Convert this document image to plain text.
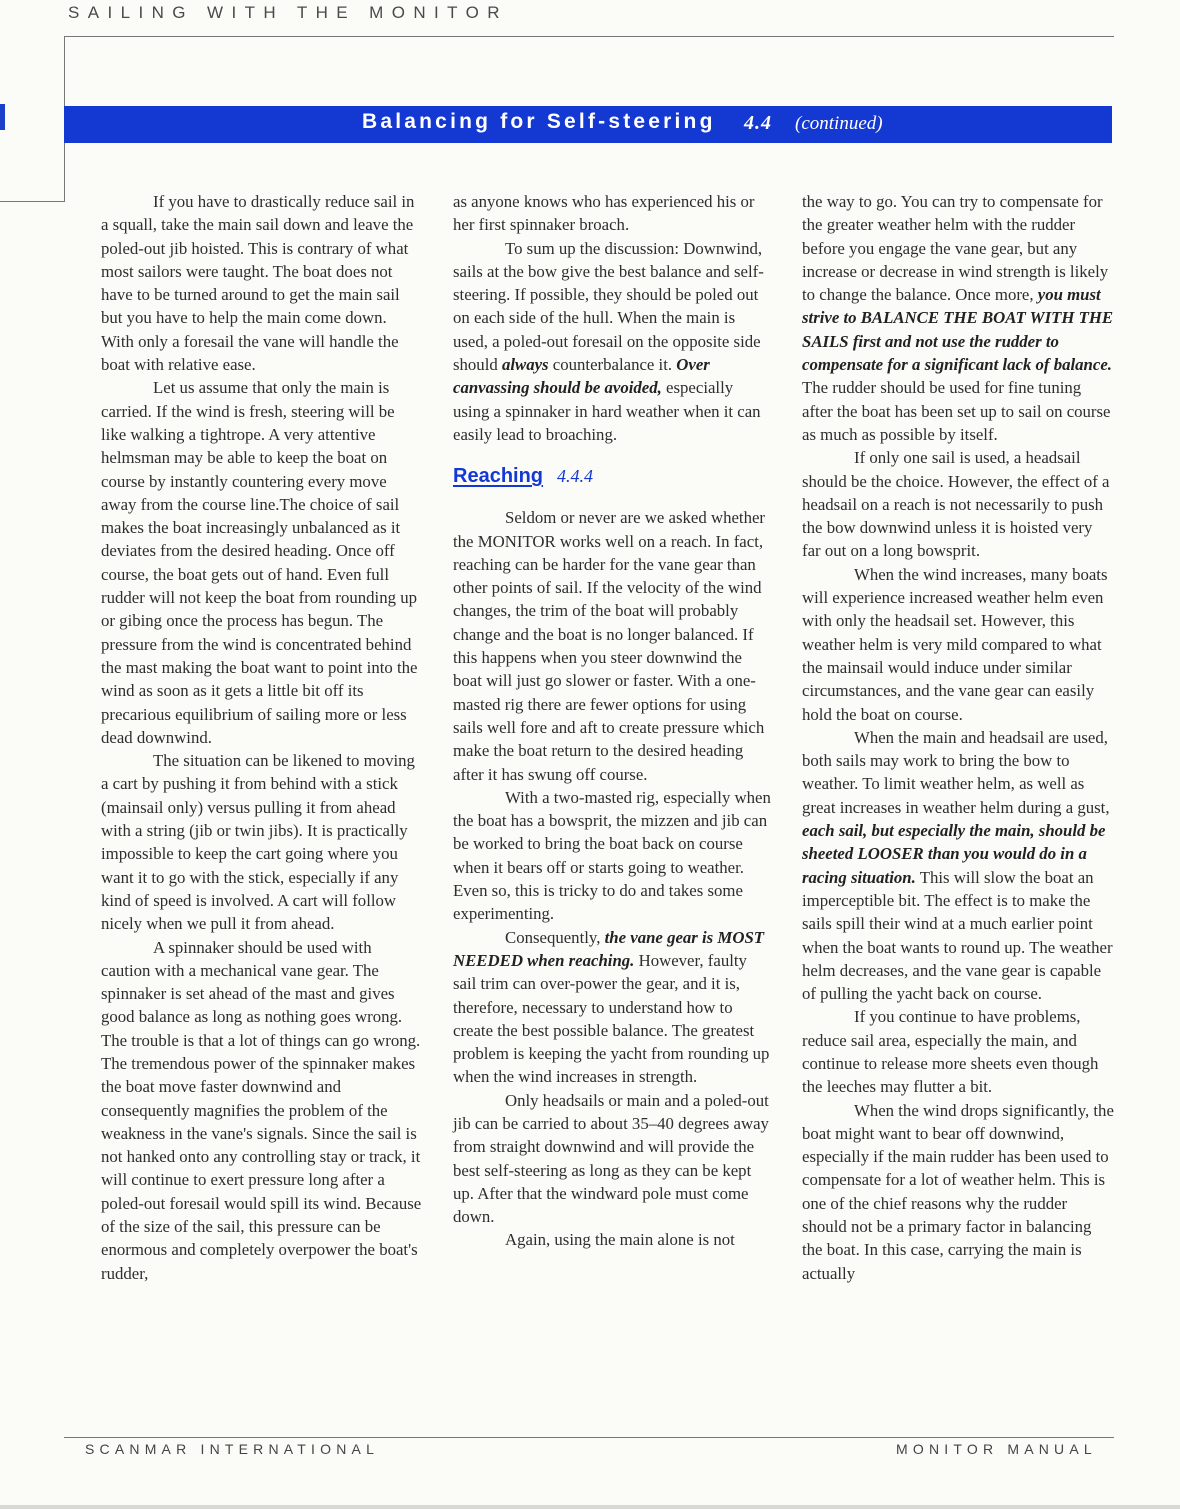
SAILING WITH THE MONITOR
Balancing for Self-steering 4.4 (continued)

If you have to drastically reduce sail in a squall, take the main sail down and leave the poled-out jib hoisted. This is contrary of what most sailors were taught. The boat does not have to be turned around to get the main sail but you have to help the main come down. With only a foresail the vane will handle the boat with relative ease.

Let us assume that only the main is carried. If the wind is fresh, steering will be like walking a tightrope. A very attentive helmsman may be able to keep the boat on course by instantly countering every move away from the course line.The choice of sail makes the boat increasingly unbalanced as it deviates from the desired heading. Once off course, the boat gets out of hand. Even full rudder will not keep the boat from rounding up or gibing once the process has begun. The pressure from the wind is concentrated behind the mast making the boat want to point into the wind as soon as it gets a little bit off its precarious equilibrium of sailing more or less dead downwind.

The situation can be likened to moving a cart by pushing it from behind with a stick (mainsail only) versus pulling it from ahead with a string (jib or twin jibs). It is practically impossible to keep the cart going where you want it to go with the stick, especially if any kind of speed is involved. A cart will follow nicely when we pull it from ahead.

A spinnaker should be used with caution with a mechanical vane gear. The spinnaker is set ahead of the mast and gives good balance as long as nothing goes wrong. The trouble is that a lot of things can go wrong. The tremendous power of the spinnaker makes the boat move faster downwind and consequently magnifies the problem of the weakness in the vane's signals. Since the sail is not hanked onto any controlling stay or track, it will continue to exert pressure long after a poled-out foresail would spill its wind. Because of the size of the sail, this pressure can be enormous and completely overpower the boat's rudder,

as anyone knows who has experienced his or her first spinnaker broach.

To sum up the discussion: Downwind, sails at the bow give the best balance and self-steering. If possible, they should be poled out on each side of the hull. When the main is used, a poled-out foresail on the opposite side should always counterbalance it. Over canvassing should be avoided, especially using a spinnaker in hard weather when it can easily lead to broaching.

Reaching 4.4.4

Seldom or never are we asked whether the MONITOR works well on a reach. In fact, reaching can be harder for the vane gear than other points of sail. If the velocity of the wind changes, the trim of the boat will probably change and the boat is no longer balanced. If this happens when you steer downwind the boat will just go slower or faster. With a one-masted rig there are fewer options for using sails well fore and aft to create pressure which make the boat return to the desired heading after it has swung off course.

With a two-masted rig, especially when the boat has a bowsprit, the mizzen and jib can be worked to bring the boat back on course when it bears off or starts going to weather. Even so, this is tricky to do and takes some experimenting.

Consequently, the vane gear is MOST NEEDED when reaching. However, faulty sail trim can over-power the gear, and it is, therefore, necessary to understand how to create the best possible balance. The greatest problem is keeping the yacht from rounding up when the wind increases in strength.

Only headsails or main and a poled-out jib can be carried to about 35–40 degrees away from straight downwind and will provide the best self-steering as long as they can be kept up. After that the windward pole must come down.

Again, using the main alone is not

the way to go. You can try to compensate for the greater weather helm with the rudder before you engage the vane gear, but any increase or decrease in wind strength is likely to change the balance. Once more, you must strive to BALANCE THE BOAT WITH THE SAILS first and not use the rudder to compensate for a significant lack of balance. The rudder should be used for fine tuning after the boat has been set up to sail on course as much as possible by itself.

If only one sail is used, a headsail should be the choice. However, the effect of a headsail on a reach is not necessarily to push the bow downwind unless it is hoisted very far out on a long bowsprit.

When the wind increases, many boats will experience increased weather helm even with only the headsail set. However, this weather helm is very mild compared to what the mainsail would induce under similar circumstances, and the vane gear can easily hold the boat on course.

When the main and headsail are used, both sails may work to bring the bow to weather. To limit weather helm, as well as great increases in weather helm during a gust, each sail, but especially the main, should be sheeted LOOSER than you would do in a racing situation. This will slow the boat an imperceptible bit. The effect is to make the sails spill their wind at a much earlier point when the boat wants to round up. The weather helm decreases, and the vane gear is capable of pulling the yacht back on course.

If you continue to have problems, reduce sail area, especially the main, and continue to release more sheets even though the leeches may flutter a bit.

When the wind drops significantly, the boat might want to bear off downwind, especially if the main rudder has been used to compensate for a lot of weather helm. This is one of the chief reasons why the rudder should not be a primary factor in balancing the boat. In this case, carrying the main is actually

SCANMAR INTERNATIONAL	MONITOR MANUAL
